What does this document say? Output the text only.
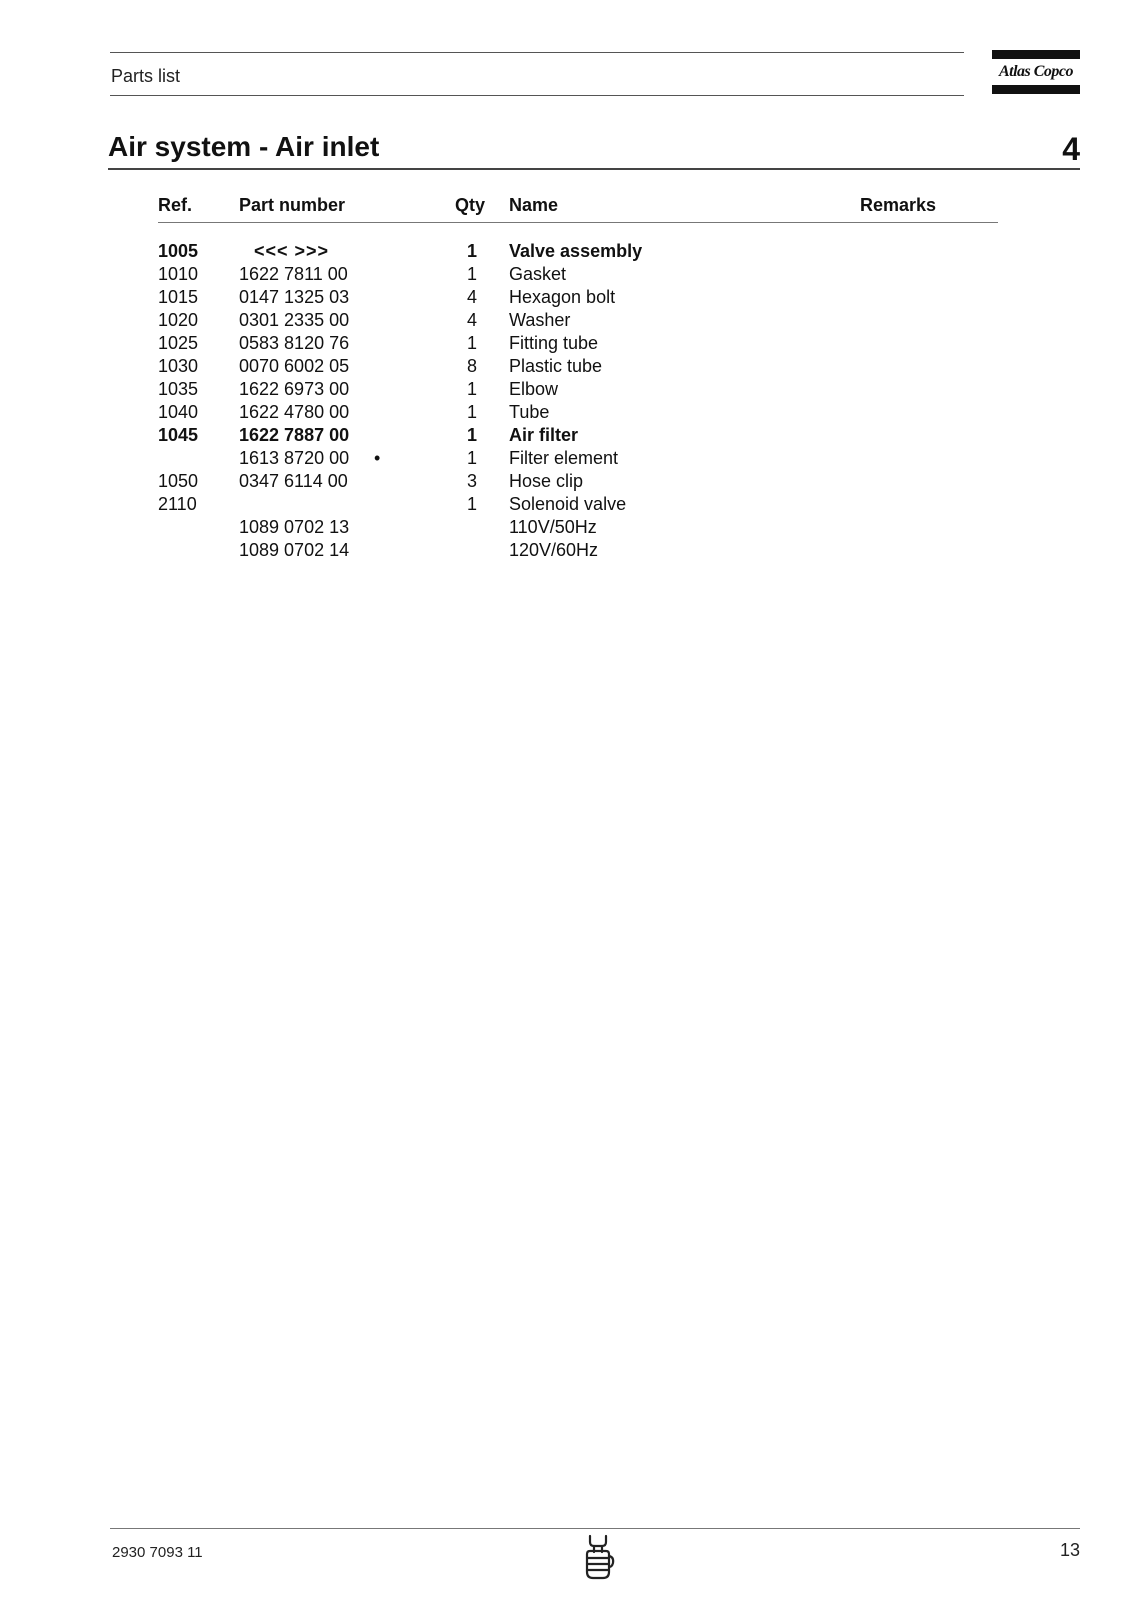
Parts list	Atlas Copco
Air system - Air inlet	4
Ref.	Part number	Qty Name	Remarks
1005	<<< >>>	1 Valve assembly
1010 1622 7811 00	1 Gasket
1015 0147 1325 03	4 Hexagon bolt
1020 0301 2335 00	4 Washer
1025 0583 8120 76	1 Fitting tube
1030 0070 6002 05	8 Plastic tube
1035 1622 6973 00	1 Elbow
1040 1622 4780 00	1 Tube
1045 1622 7887 00	1 Air filter
1613 8720 00 •	1 Filter element
1050 0347 6114 00	3 Hose clip
2110	1 Solenoid valve
1089 0702 13	110V/50Hz
1089 0702 14	120V/60Hz
2930 7093 11	13
